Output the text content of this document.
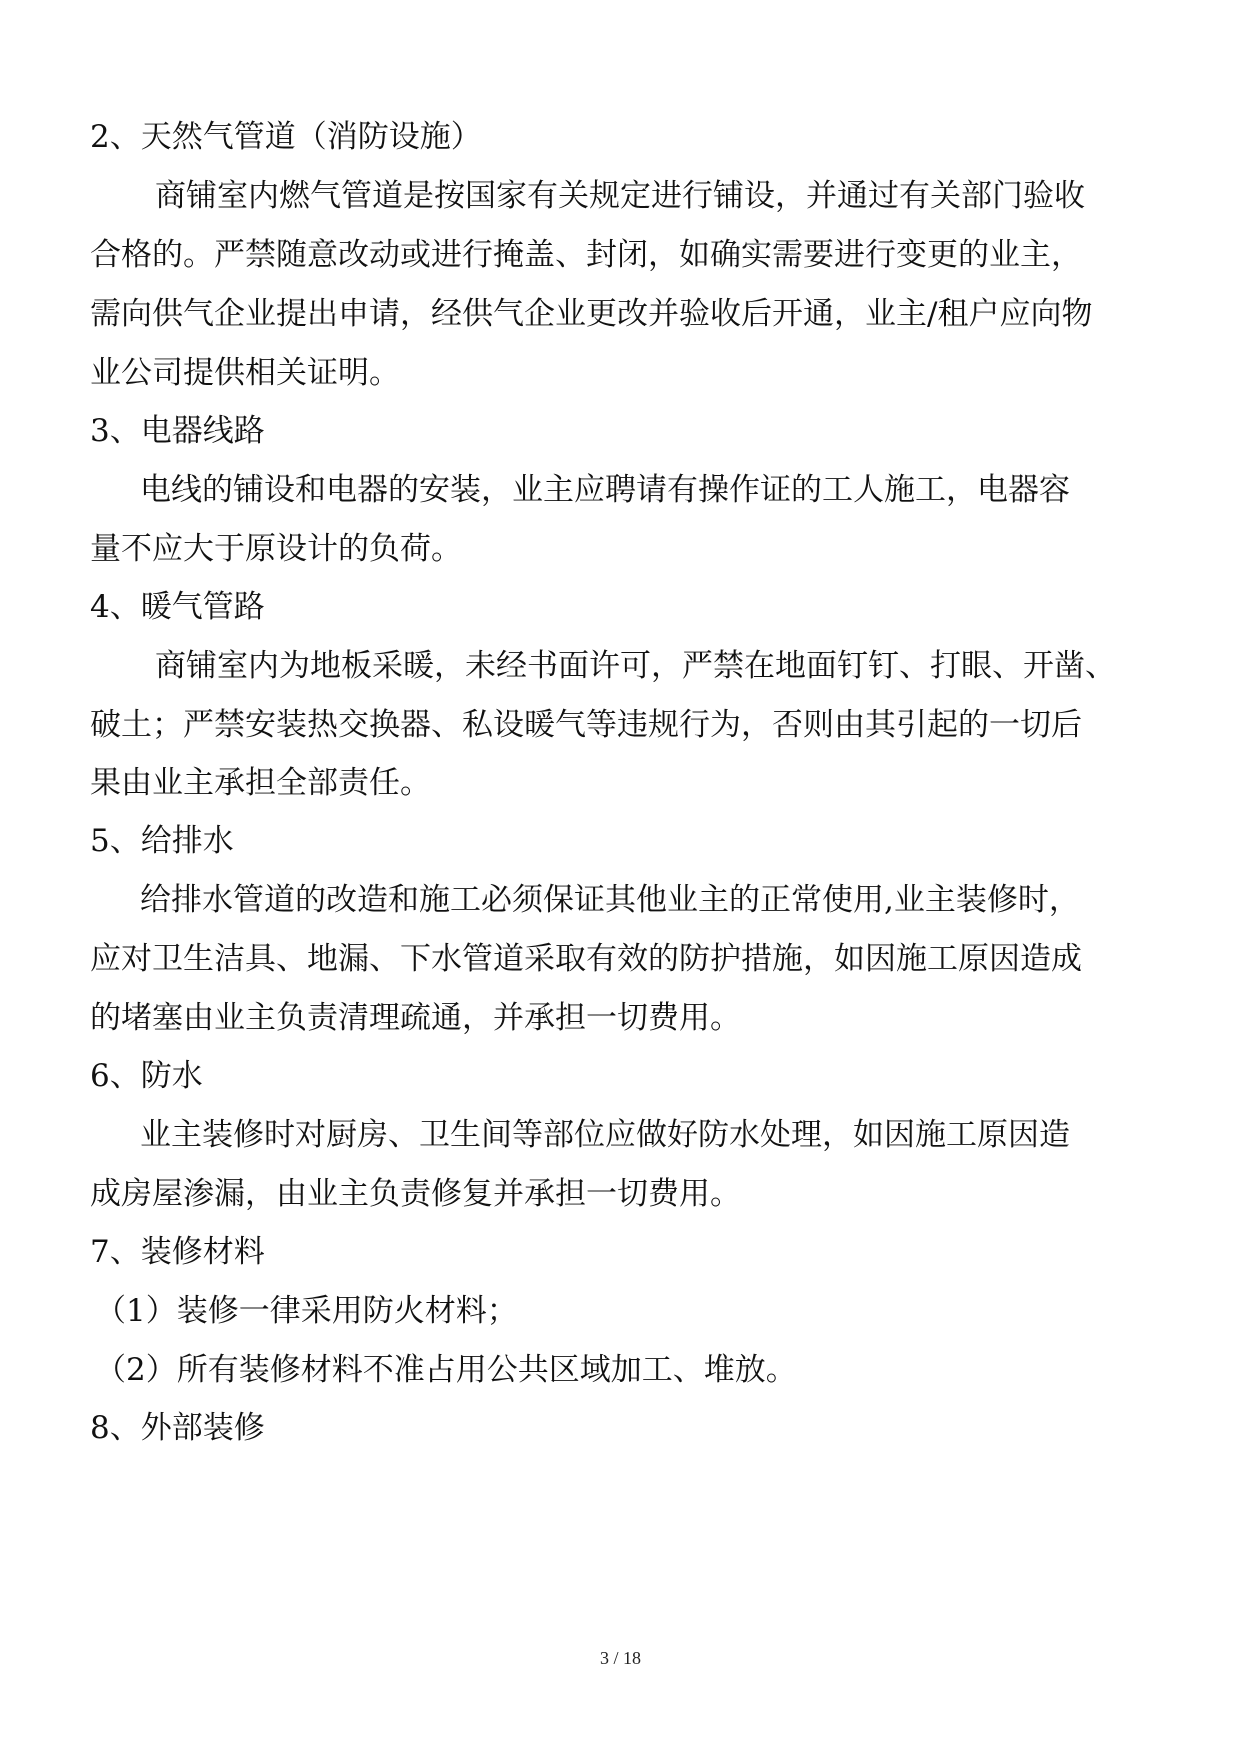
2、天然气管道（消防设施）
商铺室内燃气管道是按国家有关规定进行铺设，并通过有关部门验收
合格的。严禁随意改动或进行掩盖、封闭，如确实需要进行变更的业主，
需向供气企业提出申请，经供气企业更改并验收后开通，业主/租户应向物
业公司提供相关证明。
3、电器线路
电线的铺设和电器的安装，业主应聘请有操作证的工人施工，电器容
量不应大于原设计的负荷。
4、暖气管路
商铺室内为地板采暖，未经书面许可，严禁在地面钉钉、打眼、开凿、
破土；严禁安装热交换器、私设暖气等违规行为，否则由其引起的一切后
果由业主承担全部责任。
5、给排水
给排水管道的改造和施工必须保证其他业主的正常使用,业主装修时，
应对卫生洁具、地漏、下水管道采取有效的防护措施，如因施工原因造成
的堵塞由业主负责清理疏通，并承担一切费用。
6、防水
业主装修时对厨房、卫生间等部位应做好防水处理，如因施工原因造
成房屋渗漏，由业主负责修复并承担一切费用。
7、装修材料
（1）装修一律采用防火材料；
（2）所有装修材料不准占用公共区域加工、堆放。
8、外部装修
3 / 18
